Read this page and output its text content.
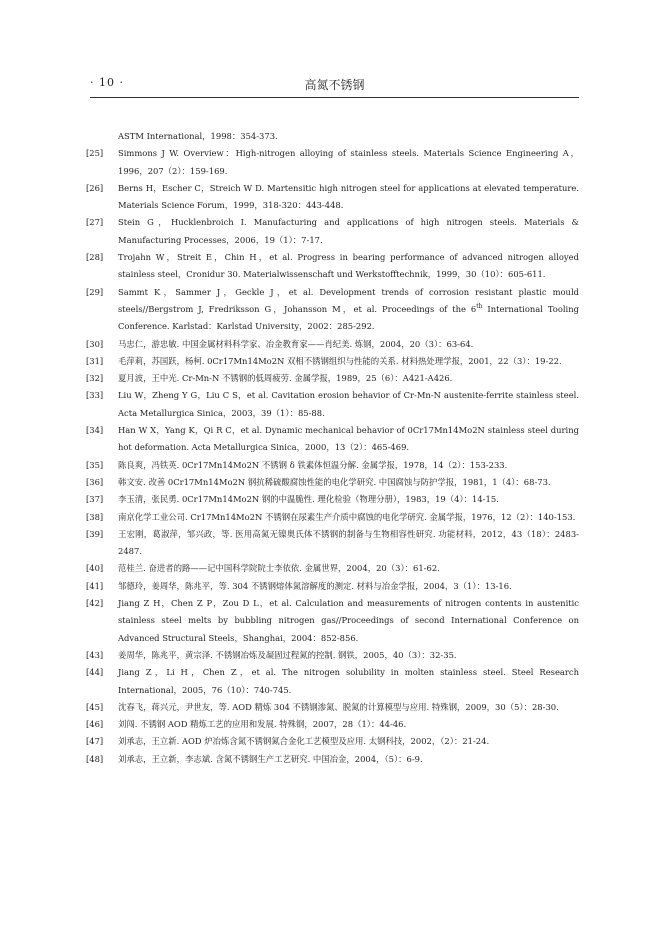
· 10 ·	高氮不锈钢
ASTM International，1998：354-373.
[25]	Simmons J W. Overview：High-nitrogen alloying of stainless steels. Materials Science Engineering A，1996，207（2）：159-169.
[26]	Berns H，Escher C，Streich W D. Martensitic high nitrogen steel for applications at elevated temperature. Materials Science Forum，1999，318-320：443-448.
[27]	Stein G，Hucklenbroich I. Manufacturing and applications of high nitrogen steels. Materials & Manufacturing Processes，2006，19（1）：7-17.
[28]	Trojahn W，Streit E，Chin H，et al. Progress in bearing performance of advanced nitrogen alloyed stainless steel，Cronidur 30. Materialwissenschaft und Werkstofftechnik，1999，30（10）：605-611.
[29]	Sammt K，Sammer J，Geckle J，et al. Development trends of corrosion resistant plastic mould steels//Bergstrom J, Fredriksson G，Johansson M，et al. Proceedings of the 6th International Tooling Conference. Karlstad：Karlstad University，2002：285-292.
[30]	马忠仁，游忠敏. 中国金属材料科学家、冶金教育家——肖纪美. 炼钢，2004，20（3）：63-64.
[31]	毛萍莉，苏国跃，杨柯. 0Cr17Mn14Mo2N 双相不锈钢组织与性能的关系. 材料热处理学报，2001，22（3）：19-22.
[32]	夏月波，王中光. Cr-Mn-N 不锈钢的低周疲劳. 金属学报，1989，25（6）：A421-A426.
[33]	Liu W，Zheng Y G，Liu C S，et al. Cavitation erosion behavior of Cr-Mn-N austenite-ferrite stainless steel. Acta Metallurgica Sinica，2003，39（1）：85-88.
[34]	Han W X，Yang K，Qi R C，et al. Dynamic mechanical behavior of 0Cr17Mn14Mo2N stainless steel during hot deformation. Acta Metallurgica Sinica，2000，13（2）：465-469.
[35]	陈良爽，冯铁英. 0Cr17Mn14Mo2N 不锈钢 δ 铁素体恒温分解. 金属学报，1978，14（2）：153-233.
[36]	韩文安. 改善 0Cr17Mn14Mo2N 钢抗稀硫酸腐蚀性能的电化学研究. 中国腐蚀与防护学报，1981，1（4）：68-73.
[37]	李玉清，张民勇. 0Cr17Mn14Mo2N 钢的中温脆性. 理化检验（物理分册），1983，19（4）：14-15.
[38]	南京化学工业公司. Cr17Mn14Mo2N 不锈钢在尿素生产介质中腐蚀的电化学研究. 金属学报，1976，12（2）：140-153.
[39]	王宏刚，葛淑萍，邹兴政，等. 医用高氮无镍奥氏体不锈钢的制备与生物相容性研究. 功能材料，2012，43（18）：2483-2487.
[40]	范桂兰. 奋进者的路——记中国科学院院士李依依. 金属世界，2004，20（3）：61-62.
[41]	邹德玲，姜周华，陈兆平，等. 304 不锈钢熔体氮溶解度的测定. 材料与冶金学报，2004，3（1）：13-16.
[42]	Jiang Z H，Chen Z P，Zou D L，et al. Calculation and measurements of nitrogen contents in austenitic stainless steel melts by bubbling nitrogen gas//Proceedings of second International Conference on Advanced Structural Steels，Shanghai，2004：852-856.
[43]	姜周华，陈兆平，黄宗泽. 不锈钢冶炼及凝固过程氮的控制. 钢铁，2005，40（3）：32-35.
[44]	Jiang Z，Li H，Chen Z，et al. The nitrogen solubility in molten stainless steel. Steel Research International，2005，76（10）：740-745.
[45]	沈春飞，蒋兴元，尹世友，等. AOD 精炼 304 不锈钢渗氮、脱氮的计算模型与应用. 特殊钢，2009，30（5）：28-30.
[46]	刘闯. 不锈钢 AOD 精炼工艺的应用和发展. 特殊钢，2007，28（1）：44-46.
[47]	刘承志，王立新. AOD 炉冶炼含氮不锈钢氮合金化工艺模型及应用. 太钢科技，2002，（2）：21-24.
[48]	刘承志，王立新，李志斌. 含氮不锈钢生产工艺研究. 中国冶金，2004，（5）：6-9.
